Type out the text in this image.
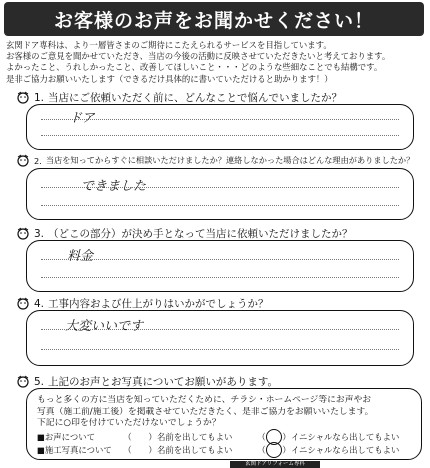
お客様のお声をお聞かせください！
玄関ドア専科は、より一層皆さまのご期待にこたえられるサービスを目指しています。
お客様のご意見を聞かせていただき、当店の今後の活動に反映させていただきたいと考えております。
よかったこと、うれしかったこと、改善してほしいこと・・・どのような些細なことでも結構です。
是非ご協力お願いいたします（できるだけ具体的に書いていただけると助かります！）
1. 当店にご依頼いただく前に、どんなことで悩んでいましたか？
ドア
2. 当店を知ってからすぐに相談いただけましたか？連絡しなかった場合はどんな理由がありましたか？
できました
3. （どこの部分）が決め手となって当店に依頼いただけましたか？
料金
4. 工事内容および仕上がりはいかがでしょうか？
大変いいです
5. 上記のお声とお写真についてお願いがあります。
もっと多くの方に当店を知っていただくために、チラシ・ホームページ等にお声やお
写真（施工前/施工後）を掲載させていただきたく、是非ご協力をお願いいたします。
下記に○印を付けていただけないでしょうか？
■お声について	（　　） 名前を出してもよい	（　　） イニシャルなら出してもよい
■施工写真について	（　　） 名前を出してもよい	（　　） イニシャルなら出してもよい
玄関ドアリフォーム専科
